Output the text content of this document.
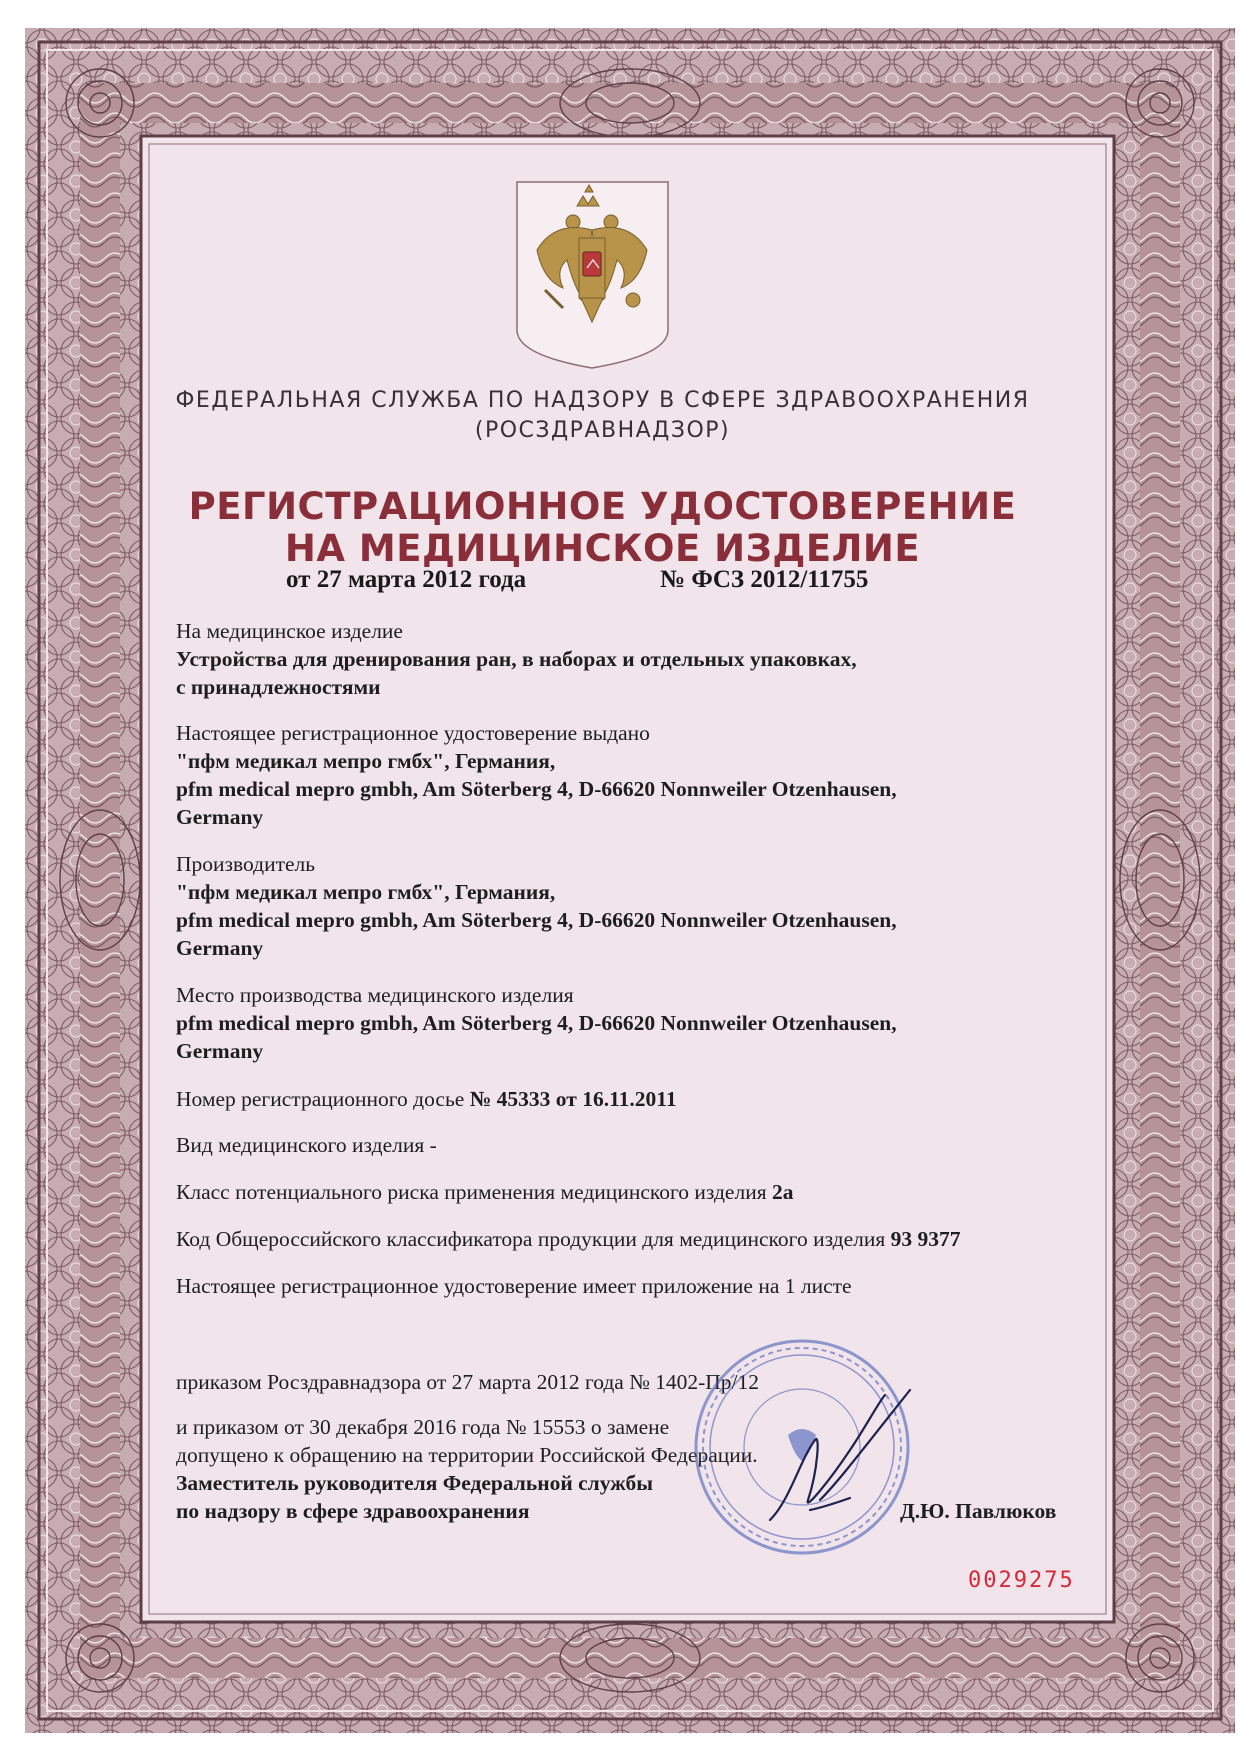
ФЕДЕРАЛЬНАЯ СЛУЖБА ПО НАДЗОРУ В СФЕРЕ ЗДРАВООХРАНЕНИЯ
(РОСЗДРАВНАДЗОР)
РЕГИСТРАЦИОННОЕ УДОСТОВЕРЕНИЕ
НА МЕДИЦИНСКОЕ ИЗДЕЛИЕ
от 27 марта 2012 года	№ ФСЗ 2012/11755
На медицинское изделие
Устройства для дренирования ран, в наборах и отдельных упаковках,
с принадлежностями
Настоящее регистрационное удостоверение выдано
"пфм медикал мепро гмбх", Германия,
pfm medical mepro gmbh, Am Söterberg 4, D-66620 Nonnweiler Otzenhausen,
Germany
Производитель
"пфм медикал мепро гмбх", Германия,
pfm medical mepro gmbh, Am Söterberg 4, D-66620 Nonnweiler Otzenhausen,
Germany
Место производства медицинского изделия
pfm medical mepro gmbh, Am Söterberg 4, D-66620 Nonnweiler Otzenhausen,
Germany
Номер регистрационного досье № 45333 от 16.11.2011
Вид медицинского изделия -
Класс потенциального риска применения медицинского изделия 2а
Код Общероссийского классификатора продукции для медицинского изделия 93 9377
Настоящее регистрационное удостоверение имеет приложение на 1 листе
приказом Росздравнадзора от 27 марта 2012 года № 1402-Пр/12
и приказом от 30 декабря 2016 года № 15553 о замене
допущено к обращению на территории Российской Федерации.
Заместитель руководителя Федеральной службы
по надзору в сфере здравоохранения	Д.Ю. Павлюков
0029275
